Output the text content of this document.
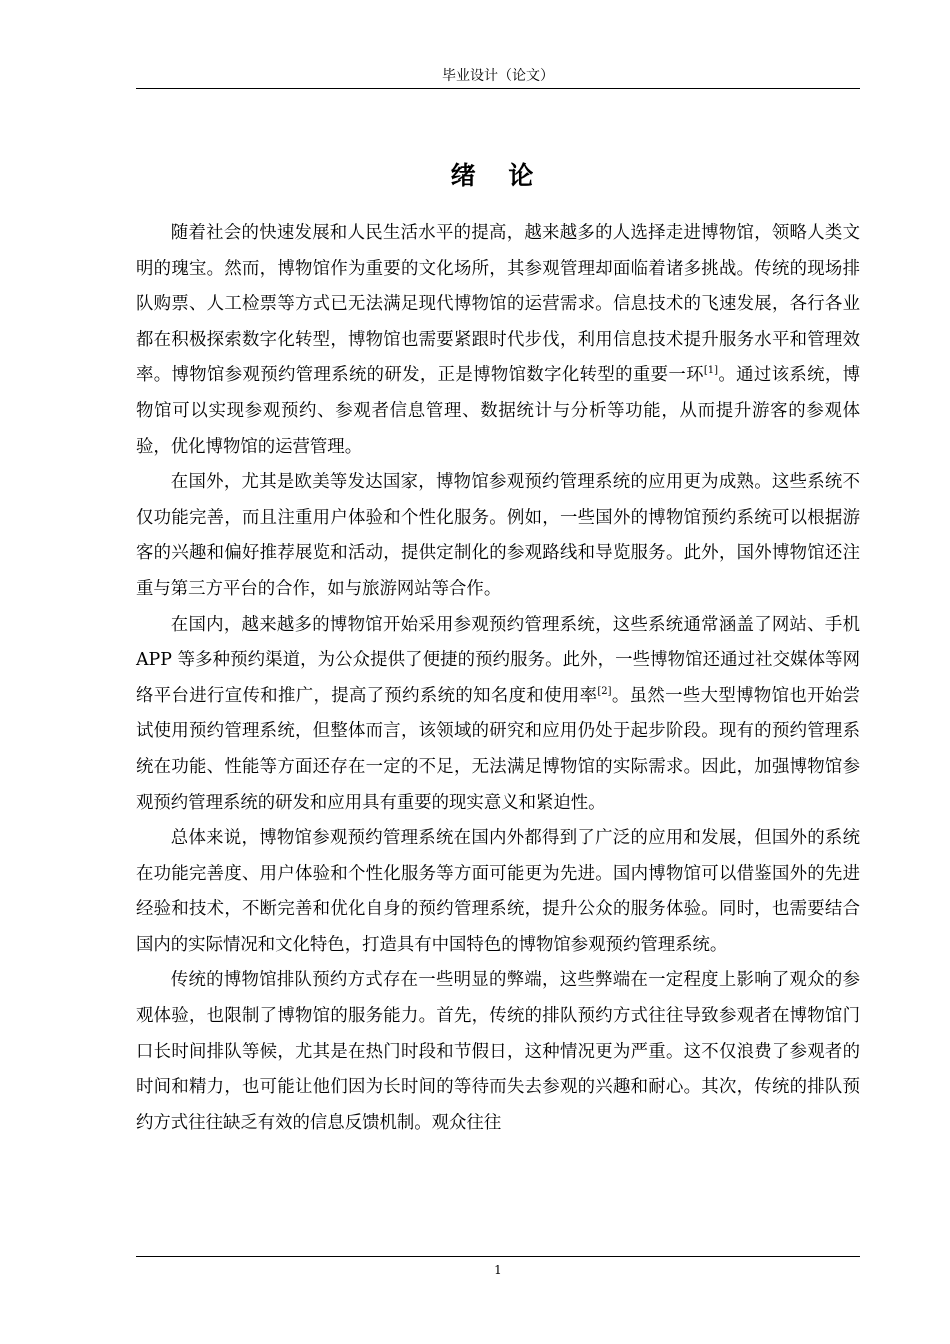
毕业设计（论文）
绪 论

随着社会的快速发展和人民生活水平的提高，越来越多的人选择走进博物馆，领略人类文明的瑰宝。然而，博物馆作为重要的文化场所，其参观管理却面临着诸多挑战。传统的现场排队购票、人工检票等方式已无法满足现代博物馆的运营需求。信息技术的飞速发展，各行各业都在积极探索数字化转型，博物馆也需要紧跟时代步伐，利用信息技术提升服务水平和管理效率。博物馆参观预约管理系统的研发，正是博物馆数字化转型的重要一环[1]。通过该系统，博物馆可以实现参观预约、参观者信息管理、数据统计与分析等功能，从而提升游客的参观体验，优化博物馆的运营管理。

在国外，尤其是欧美等发达国家，博物馆参观预约管理系统的应用更为成熟。这些系统不仅功能完善，而且注重用户体验和个性化服务。例如，一些国外的博物馆预约系统可以根据游客的兴趣和偏好推荐展览和活动，提供定制化的参观路线和导览服务。此外，国外博物馆还注重与第三方平台的合作，如与旅游网站等合作。

在国内，越来越多的博物馆开始采用参观预约管理系统，这些系统通常涵盖了网站、手机 APP 等多种预约渠道，为公众提供了便捷的预约服务。此外，一些博物馆还通过社交媒体等网络平台进行宣传和推广，提高了预约系统的知名度和使用率[2]。虽然一些大型博物馆也开始尝试使用预约管理系统，但整体而言，该领域的研究和应用仍处于起步阶段。现有的预约管理系统在功能、性能等方面还存在一定的不足，无法满足博物馆的实际需求。因此，加强博物馆参观预约管理系统的研发和应用具有重要的现实意义和紧迫性。

总体来说，博物馆参观预约管理系统在国内外都得到了广泛的应用和发展，但国外的系统在功能完善度、用户体验和个性化服务等方面可能更为先进。国内博物馆可以借鉴国外的先进经验和技术，不断完善和优化自身的预约管理系统，提升公众的服务体验。同时，也需要结合国内的实际情况和文化特色，打造具有中国特色的博物馆参观预约管理系统。

传统的博物馆排队预约方式存在一些明显的弊端，这些弊端在一定程度上影响了观众的参观体验，也限制了博物馆的服务能力。首先，传统的排队预约方式往往导致参观者在博物馆门口长时间排队等候，尤其是在热门时段和节假日，这种情况更为严重。这不仅浪费了参观者的时间和精力，也可能让他们因为长时间的等待而失去参观的兴趣和耐心。其次，传统的排队预约方式往往缺乏有效的信息反馈机制。观众往往

1
